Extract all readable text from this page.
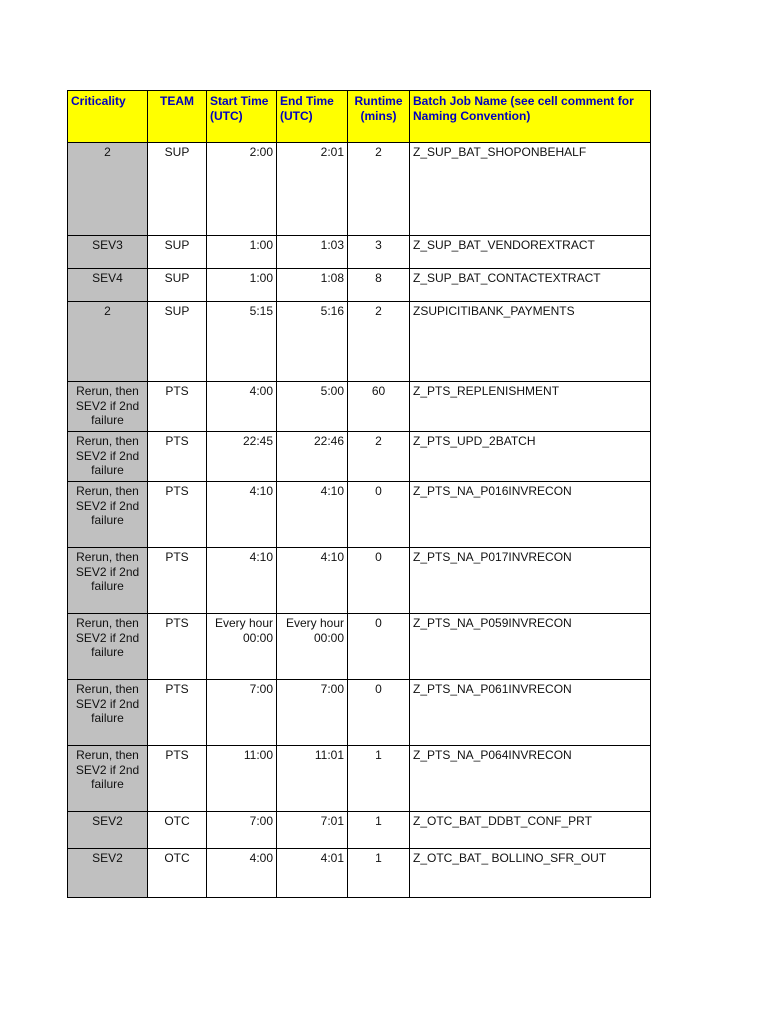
Criticality	TEAM	Start Time (UTC)	End Time (UTC)	Runtime (mins)	Batch Job Name (see cell comment for Naming Convention)
2	SUP	2:00	2:01	2	Z_SUP_BAT_SHOPONBEHALF
SEV3	SUP	1:00	1:03	3	Z_SUP_BAT_VENDOREXTRACT
SEV4	SUP	1:00	1:08	8	Z_SUP_BAT_CONTACTEXTRACT
2	SUP	5:15	5:16	2	ZSUPICITIBANK_PAYMENTS
Rerun, then SEV2 if 2nd failure	PTS	4:00	5:00	60	Z_PTS_REPLENISHMENT
Rerun, then SEV2 if 2nd failure	PTS	22:45	22:46	2	Z_PTS_UPD_2BATCH
Rerun, then SEV2 if 2nd failure	PTS	4:10	4:10	0	Z_PTS_NA_P016INVRECON
Rerun, then SEV2 if 2nd failure	PTS	4:10	4:10	0	Z_PTS_NA_P017INVRECON
Rerun, then SEV2 if 2nd failure	PTS	Every hour 00:00	Every hour 00:00	0	Z_PTS_NA_P059INVRECON
Rerun, then SEV2 if 2nd failure	PTS	7:00	7:00	0	Z_PTS_NA_P061INVRECON
Rerun, then SEV2 if 2nd failure	PTS	11:00	11:01	1	Z_PTS_NA_P064INVRECON
SEV2	OTC	7:00	7:01	1	Z_OTC_BAT_DDBT_CONF_PRT
SEV2	OTC	4:00	4:01	1	Z_OTC_BAT_ BOLLINO_SFR_OUT
